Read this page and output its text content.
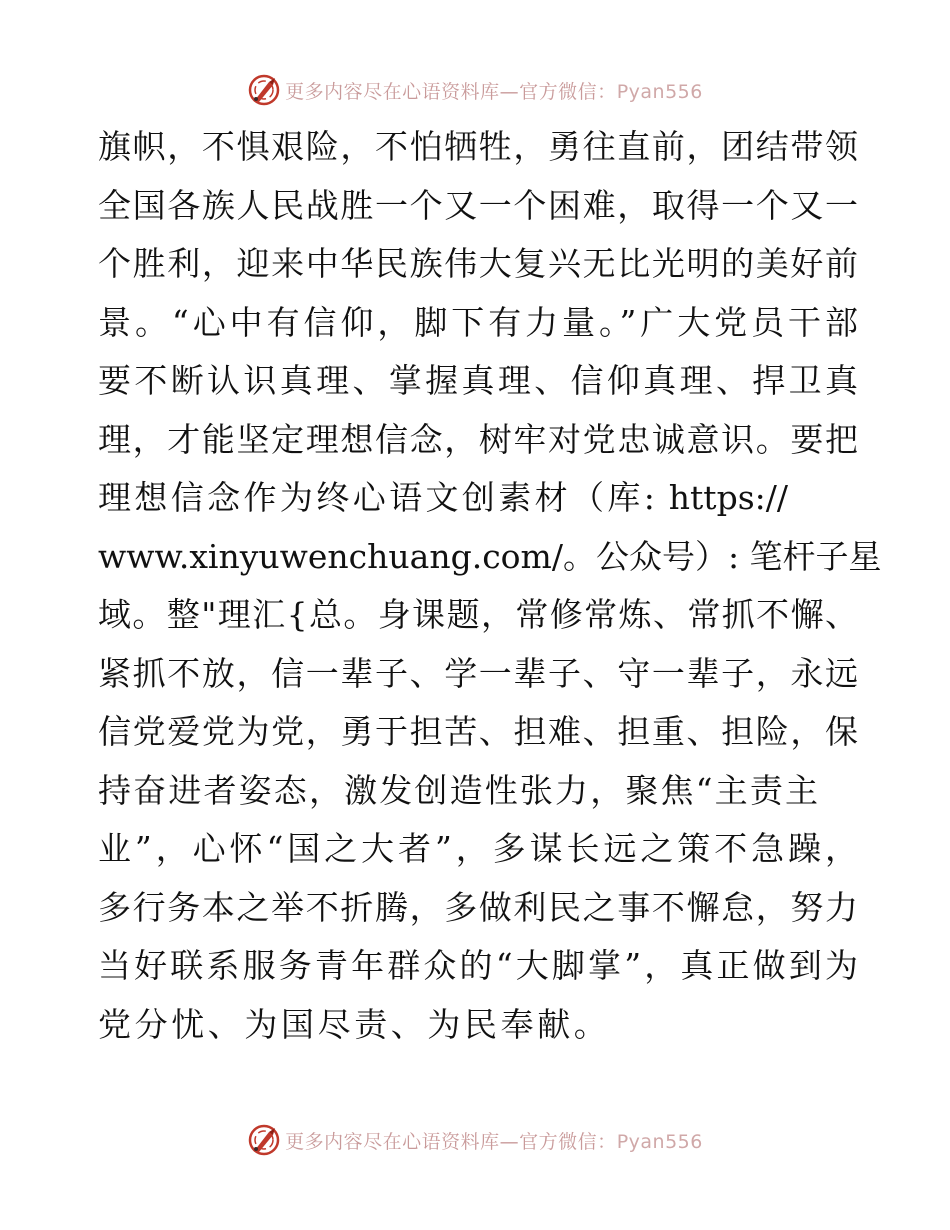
更多内容尽在心语资料库—官方微信：Pyan556
旗帜，不惧艰险，不怕牺牲，勇往直前，团结带领
全国各族人民战胜一个又一个困难，取得一个又一
个胜利，迎来中华民族伟大复兴无比光明的美好前
景。“心中有信仰，脚下有力量。”广大党员干部
要不断认识真理、掌握真理、信仰真理、捍卫真
理，才能坚定理想信念，树牢对党忠诚意识。要把
理想信念作为终心语文创素材（库: https://
www.xinyuwenchuang.com/。公众号）: 笔杆子星
域。整"理汇{总。身课题，常修常炼、常抓不懈、
紧抓不放，信一辈子、学一辈子、守一辈子，永远
信党爱党为党，勇于担苦、担难、担重、担险，保
持奋进者姿态，激发创造性张力，聚焦“主责主
业”，心怀“国之大者”，多谋长远之策不急躁，
多行务本之举不折腾，多做利民之事不懈怠，努力
当好联系服务青年群众的“大脚掌”，真正做到为
党分忧、为国尽责、为民奉献。
更多内容尽在心语资料库—官方微信：Pyan556
